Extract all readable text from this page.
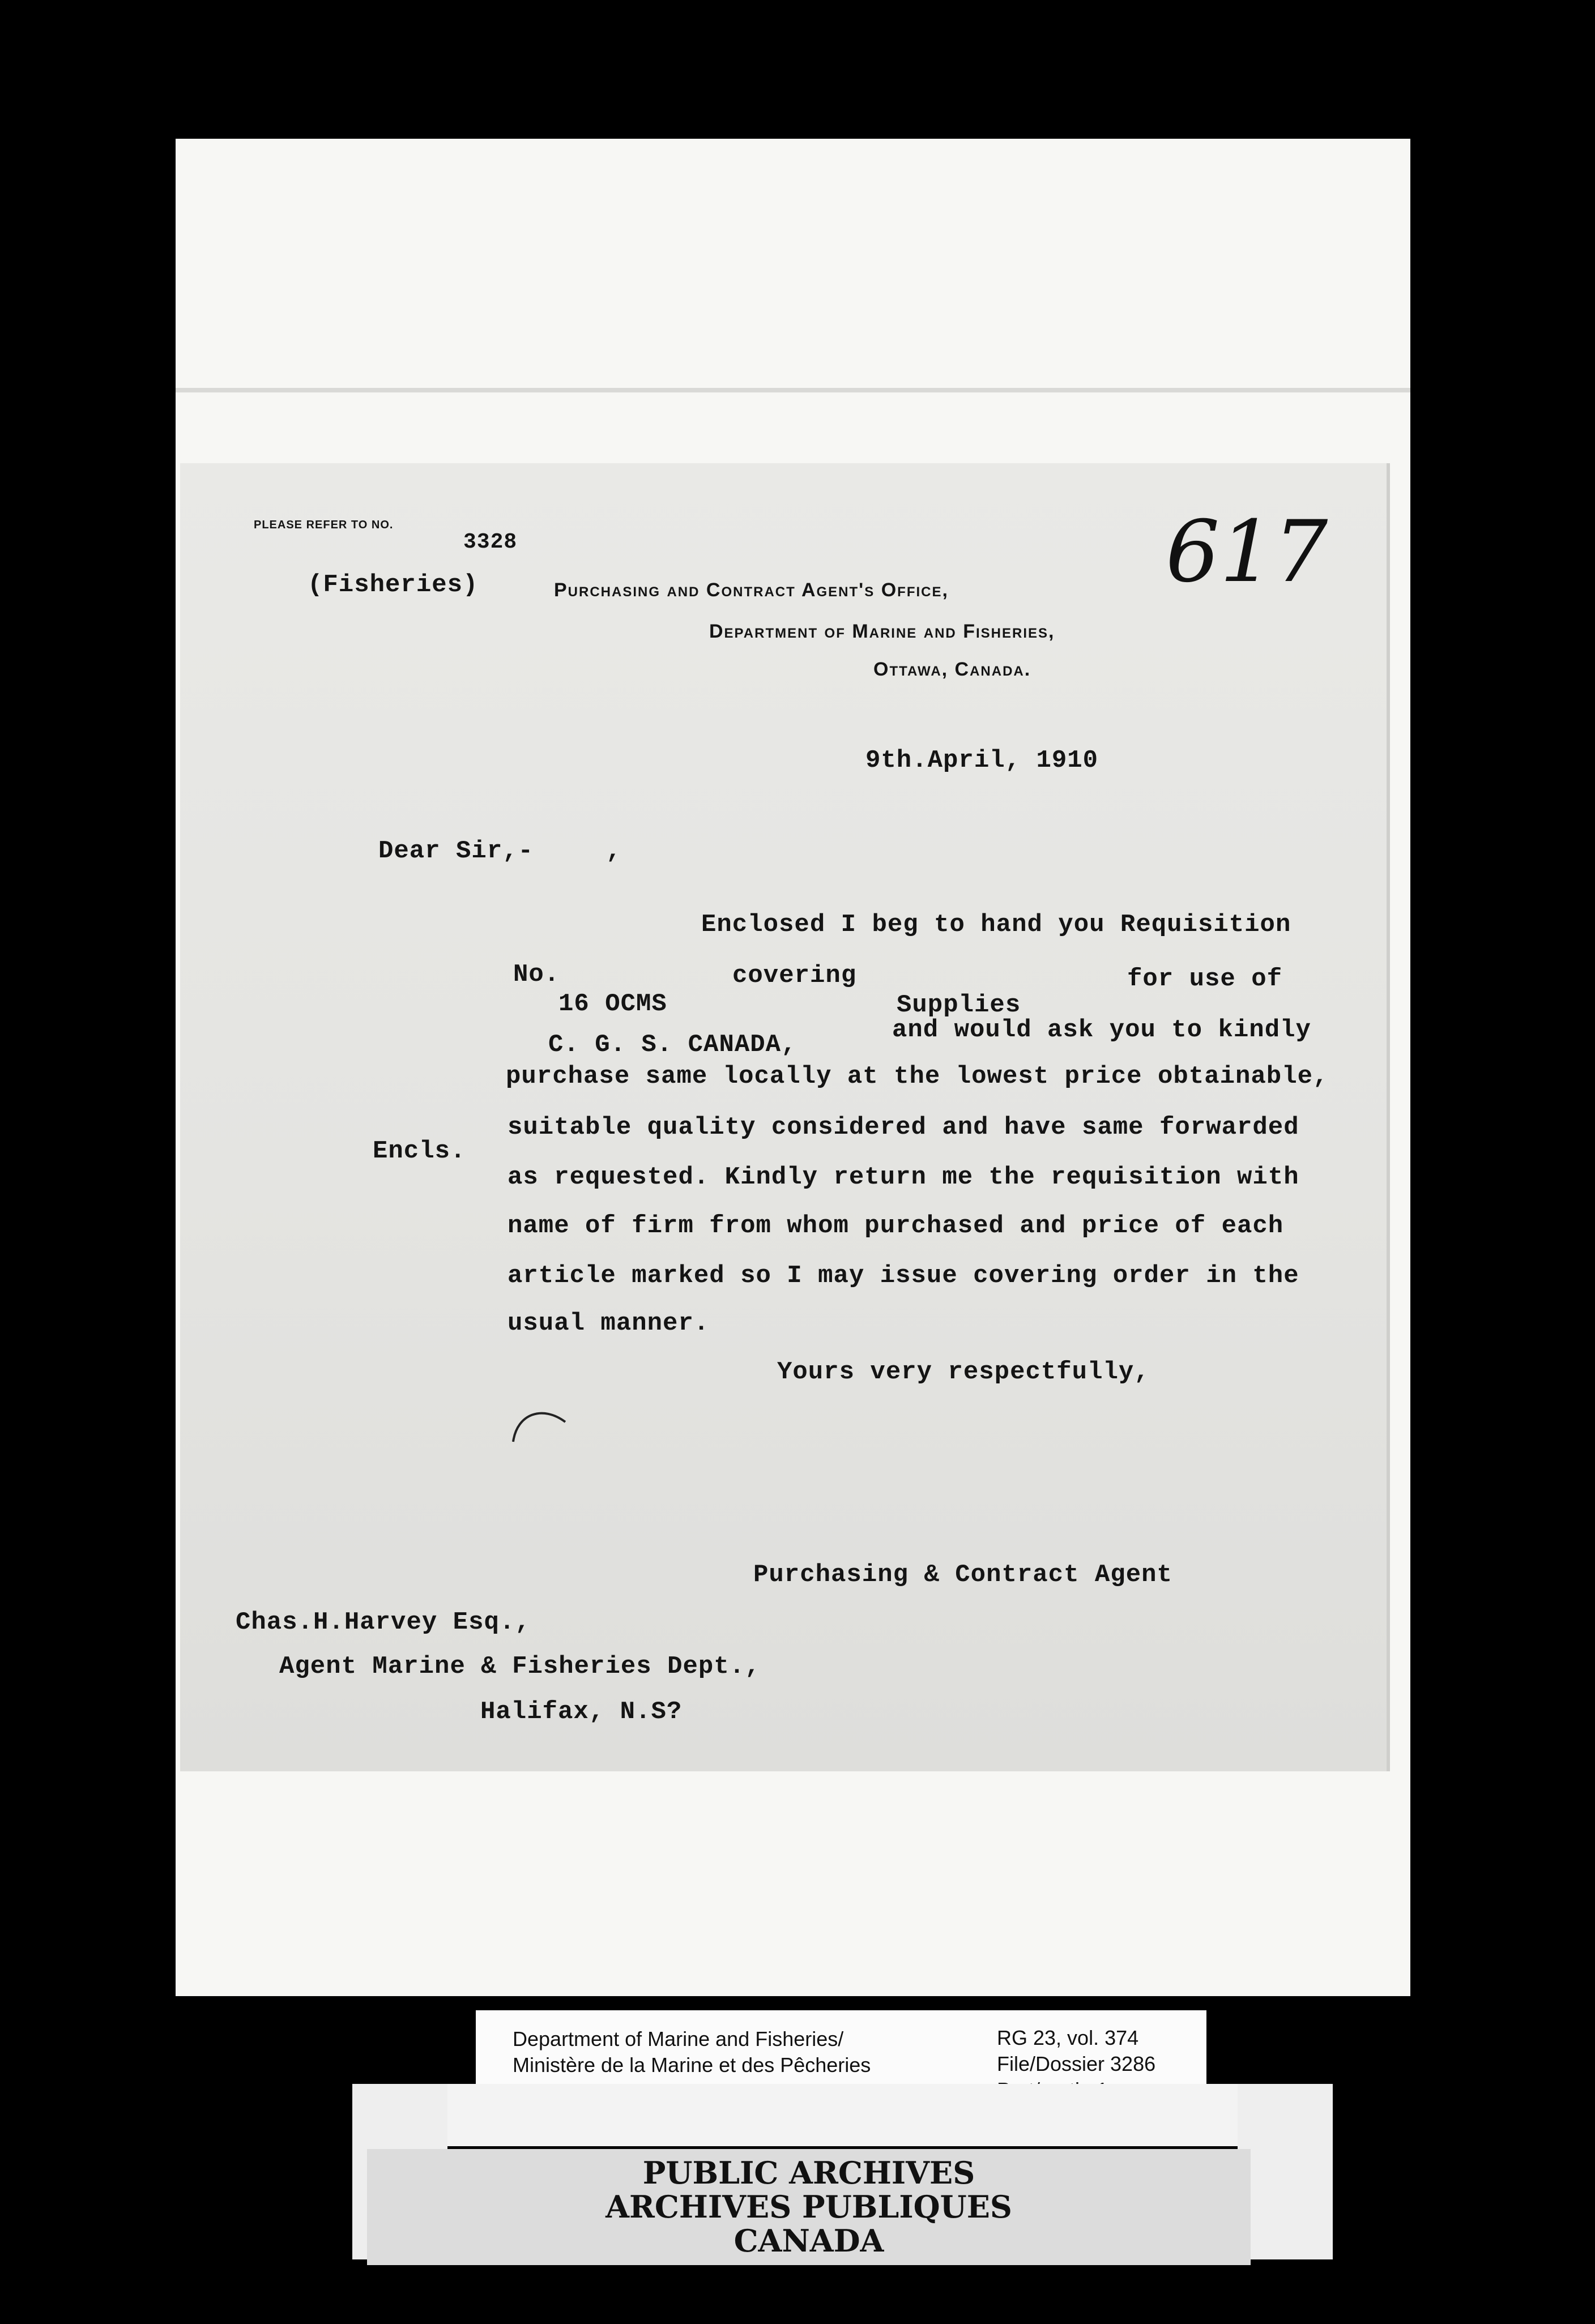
PLEASE REFER TO NO.
3328
(Fisheries)	Purchasing and Contract Agent's Office,
Department of Marine and Fisheries,
Ottawa, Canada.
617
9th.April, 1910
Dear Sir,-	,
Enclosed I beg to hand you Requisition
No.	covering	for use of
16 OCMS	Supplies
and would ask you to kindly
C. G. S. CANADA,
purchase same locally at the lowest price obtainable,
suitable quality considered and have same forwarded
Encls.
as requested. Kindly return me the requisition with
name of firm from whom purchased and price of each
article marked so I may issue covering order in the
usual manner.
Yours very respectfully,
Purchasing & Contract Agent
Chas.H.Harvey Esq.,
Agent Marine & Fisheries Dept.,
Halifax, N.S?
Department of Marine and Fisheries/
Ministère de la Marine et des Pêcheries
RG 23, vol. 374
File/Dossier 3286
PUBLIC ARCHIVES
ARCHIVES PUBLIQUES
CANADA
